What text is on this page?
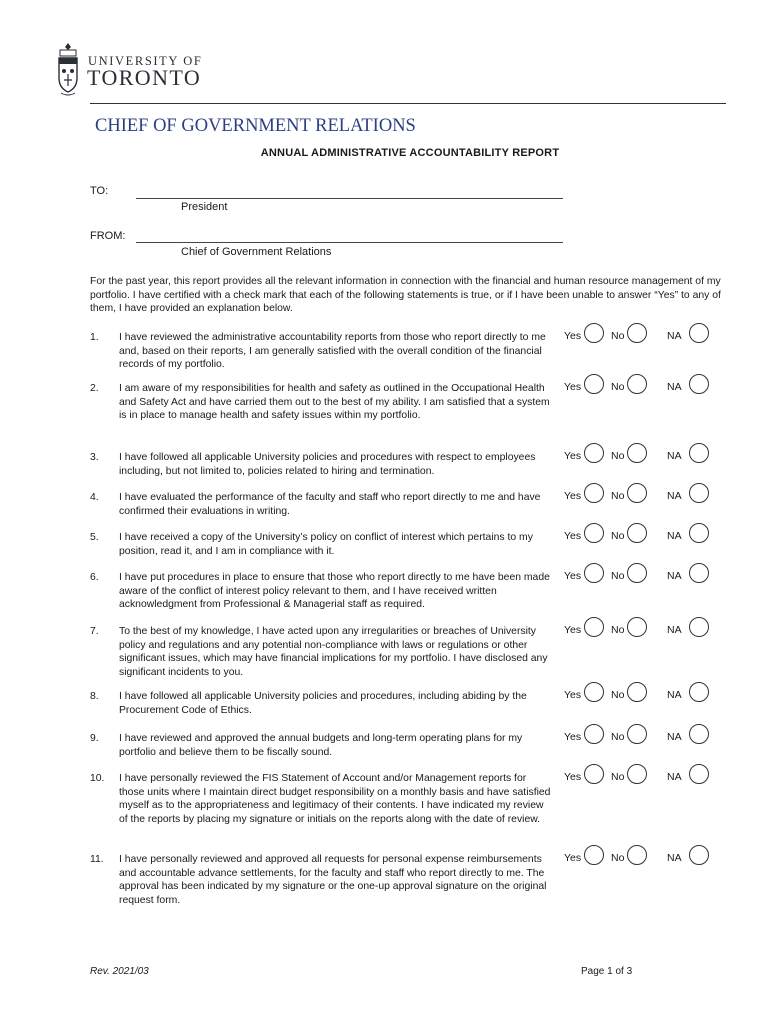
UNIVERSITY OF
TORONTO
CHIEF OF GOVERNMENT RELATIONS
ANNUAL ADMINISTRATIVE ACCOUNTABILITY REPORT
TO:
President
FROM:
Chief of Government Relations
For the past year, this report provides all the relevant information in connection with the financial and human resource management of my portfolio. I have certified with a check mark that each of the following statements is true, or if I have been unable to answer “Yes” to any of them, I have provided an explanation below.
1. I have reviewed the administrative accountability reports from those who report directly to me and, based on their reports, I am generally satisfied with the overall condition of the financial records of my portfolio.
Yes	No	NA
2. I am aware of my responsibilities for health and safety as outlined in the Occupational Health and Safety Act and have carried them out to the best of my ability. I am satisfied that a system is in place to manage health and safety issues within my portfolio.
Yes	No	NA
3. I have followed all applicable University policies and procedures with respect to employees including, but not limited to, policies related to hiring and termination.
Yes	No	NA
4. I have evaluated the performance of the faculty and staff who report directly to me and have confirmed their evaluations in writing.
Yes	No	NA
5. I have received a copy of the University’s policy on conflict of interest which pertains to my position, read it, and I am in compliance with it.
Yes	No	NA
6. I have put procedures in place to ensure that those who report directly to me have been made aware of the conflict of interest policy relevant to them, and I have received written acknowledgment from Professional & Managerial staff as required.
Yes	No	NA
7. To the best of my knowledge, I have acted upon any irregularities or breaches of University policy and regulations and any potential non-compliance with laws or regulations or other significant issues, which may have financial implications for my portfolio. I have disclosed any significant incidents to you.
Yes	No	NA
8. I have followed all applicable University policies and procedures, including abiding by the Procurement Code of Ethics.
Yes	No	NA
9. I have reviewed and approved the annual budgets and long-term operating plans for my portfolio and believe them to be fiscally sound.
Yes	No	NA
10. I have personally reviewed the FIS Statement of Account and/or Management reports for those units where I maintain direct budget responsibility on a monthly basis and have satisfied myself as to the appropriateness and legitimacy of their contents. I have indicated my review of the reports by placing my signature or initials on the reports along with the date of review.
Yes	No	NA
11. I have personally reviewed and approved all requests for personal expense reimbursements and accountable advance settlements, for the faculty and staff who report directly to me. The approval has been indicated by my signature or the one-up approval signature on the original request form.
Yes	No	NA
Rev. 2021/03	Page 1 of 3
